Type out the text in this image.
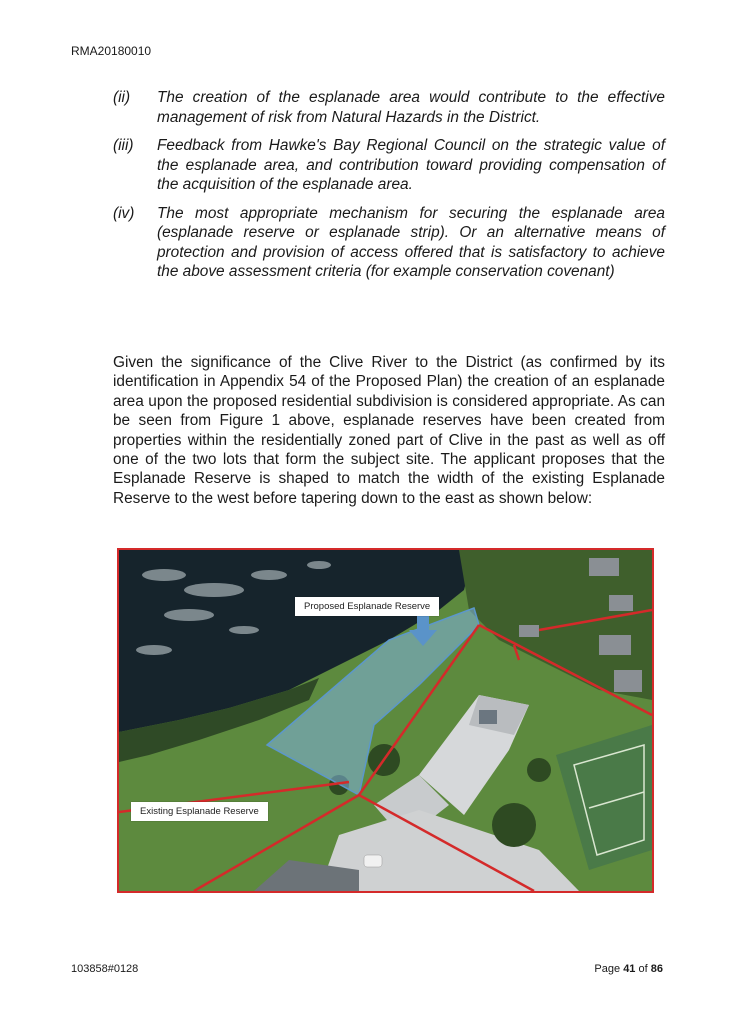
RMA20180010
(ii)	The creation of the esplanade area would contribute to the effective management of risk from Natural Hazards in the District.
(iii)	Feedback from Hawke's Bay Regional Council on the strategic value of the esplanade area, and contribution toward providing compensation of the acquisition of the esplanade area.
(iv)	The most appropriate mechanism for securing the esplanade area (esplanade reserve or esplanade strip). Or an alternative means of protection and provision of access offered that is satisfactory to achieve the above assessment criteria (for example conservation covenant)

Given the significance of the Clive River to the District (as confirmed by its identification in Appendix 54 of the Proposed Plan) the creation of an esplanade area upon the proposed residential subdivision is considered appropriate. As can be seen from Figure 1 above, esplanade reserves have been created from properties within the residentially zoned part of Clive in the past as well as off one of the two lots that form the subject site. The applicant proposes that the Esplanade Reserve is shaped to match the width of the existing Esplanade Reserve to the west before tapering down to the east as shown below:

Proposed Esplanade Reserve
Existing Esplanade Reserve
103858#0128	Page 41 of 86
